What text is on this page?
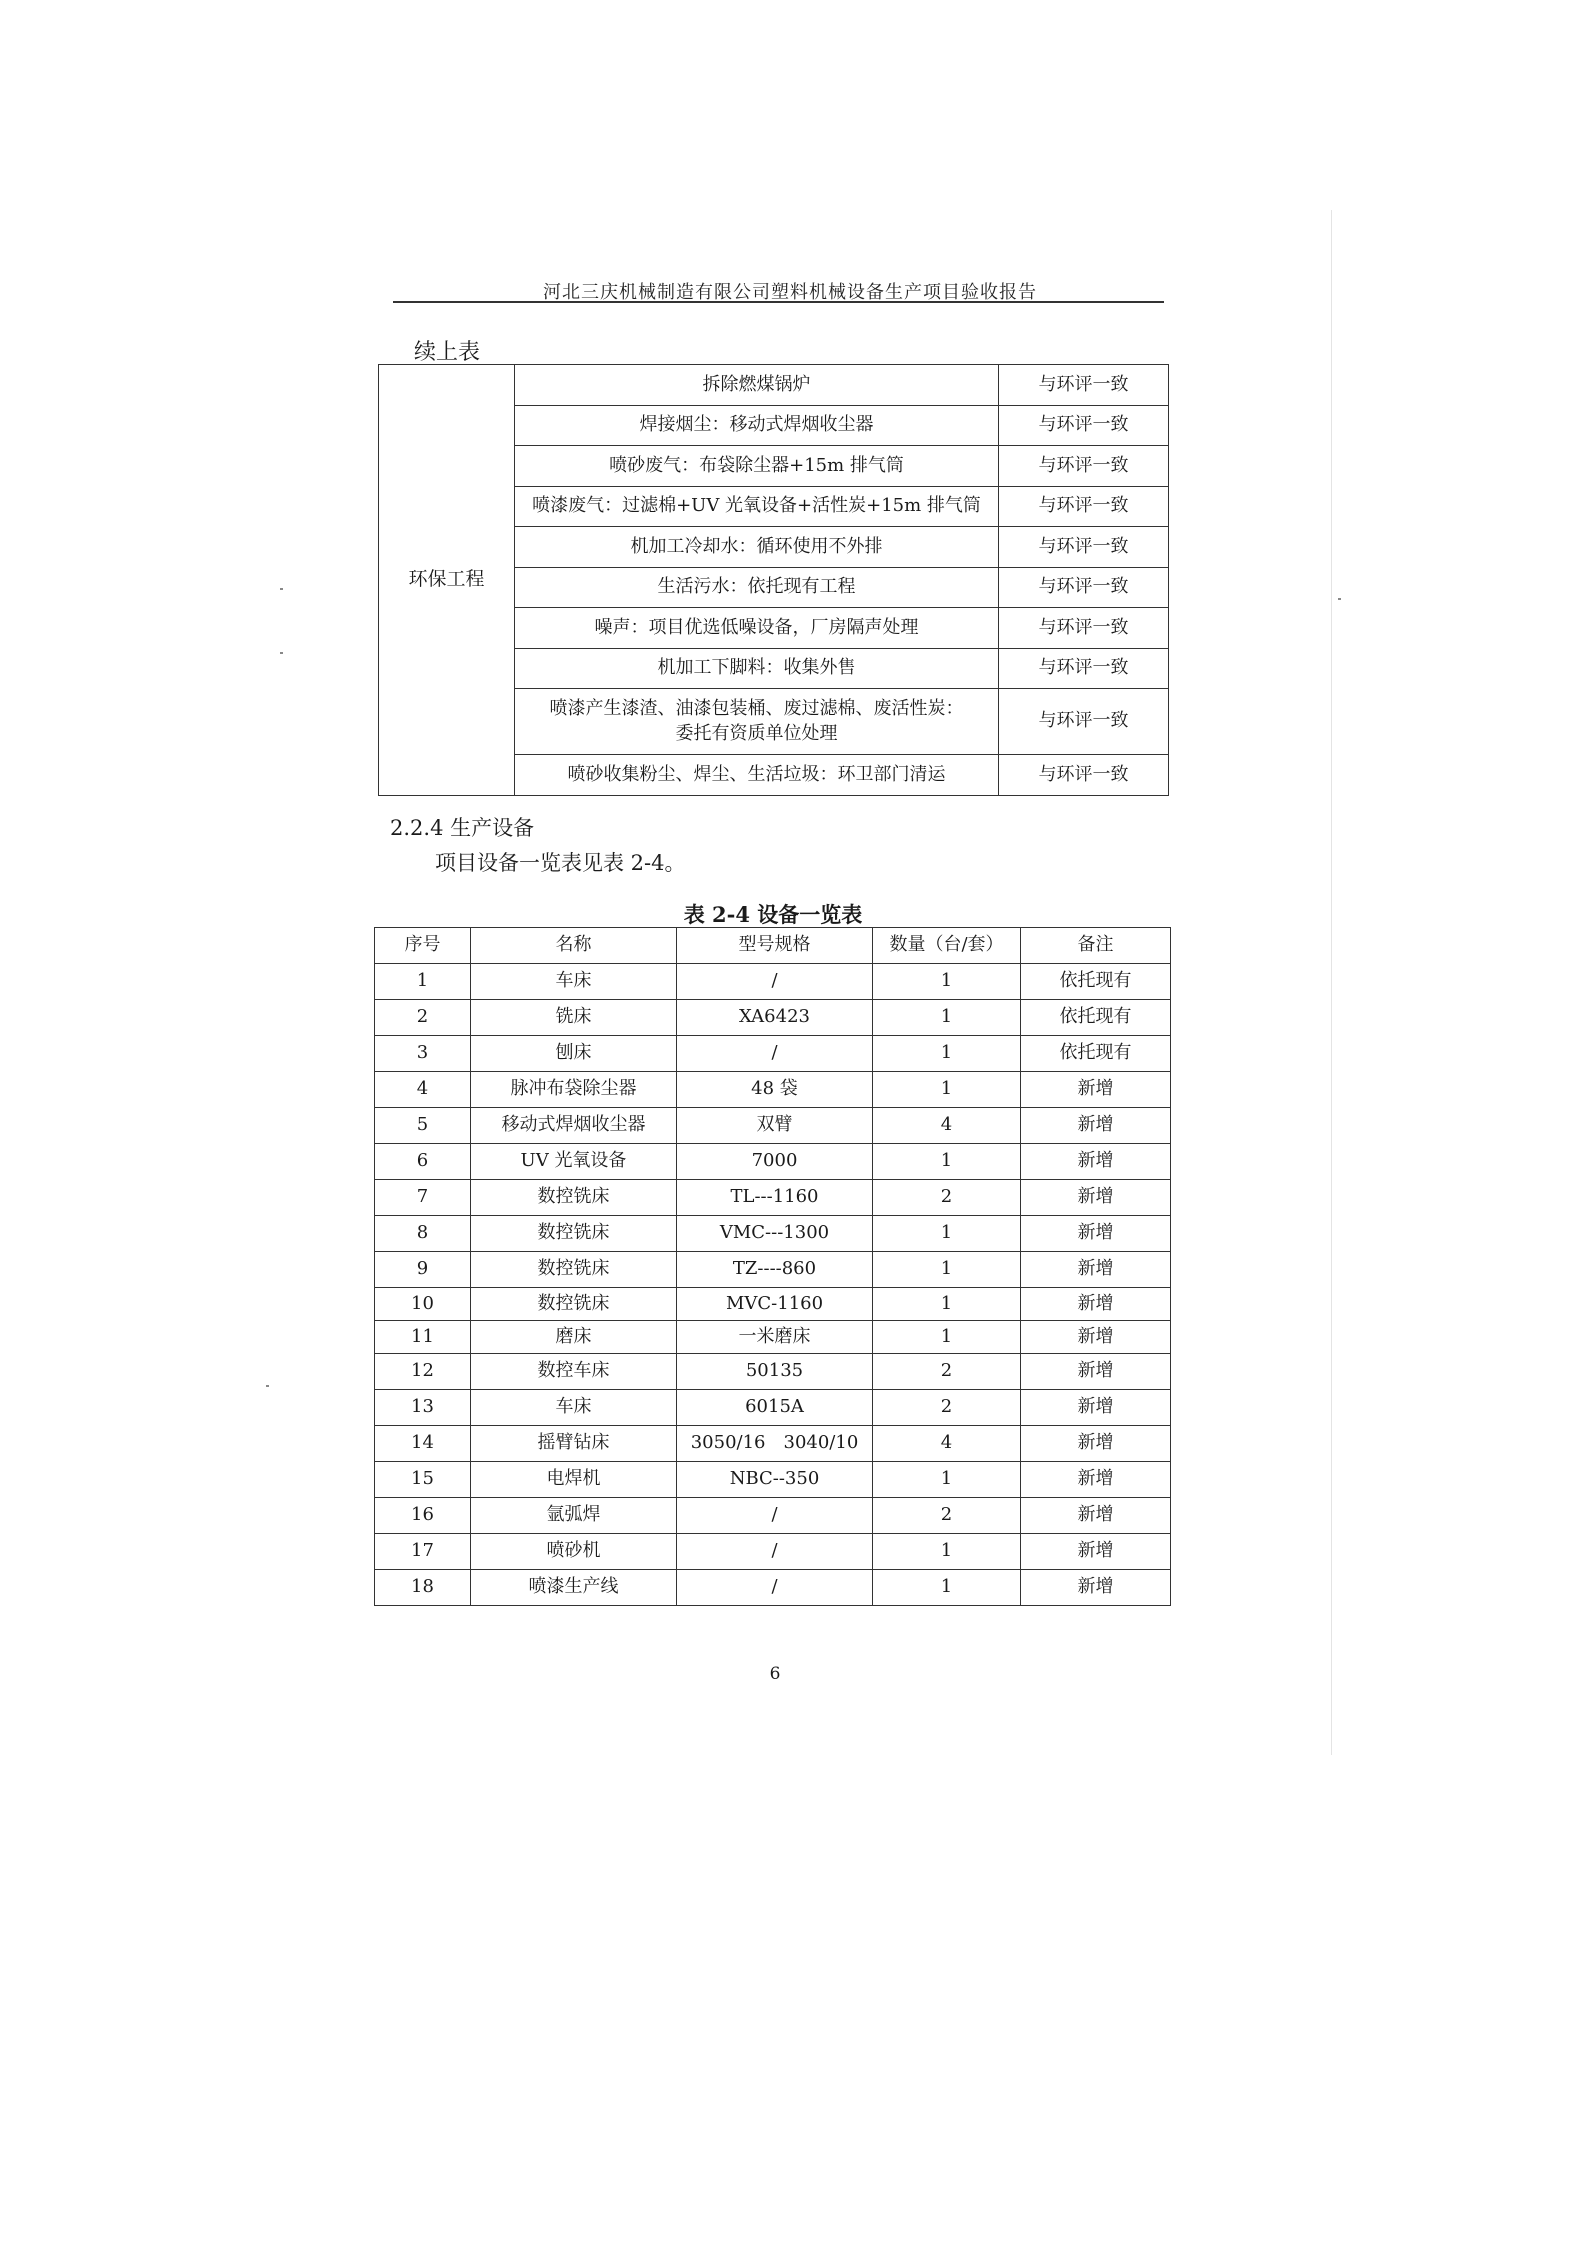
河北三庆机械制造有限公司塑料机械设备生产项目验收报告
续上表
环保工程	拆除燃煤锅炉	与环评一致
	焊接烟尘：移动式焊烟收尘器	与环评一致
	喷砂废气：布袋除尘器+15m 排气筒	与环评一致
	喷漆废气：过滤棉+UV 光氧设备+活性炭+15m 排气筒	与环评一致
	机加工冷却水：循环使用不外排	与环评一致
	生活污水：依托现有工程	与环评一致
	噪声：项目优选低噪设备，厂房隔声处理	与环评一致
	机加工下脚料：收集外售	与环评一致

	喷漆产生漆渣、油漆包装桶、废过滤棉、废活性炭：
委托有资质单位处理	与环评一致
	喷砂收集粉尘、焊尘、生活垃圾：环卫部门清运	与环评一致
2.2.4 生产设备
项目设备一览表见表 2-4。
表 2-4 设备一览表
序号	名称	型号规格	数量（台/套）	备注
1	车床	/	1	依托现有
2	铣床	XA6423	1	依托现有
3	刨床	/	1	依托现有
4	脉冲布袋除尘器	48 袋	1	新增
5	移动式焊烟收尘器	双臂	4	新增
6	UV 光氧设备	7000	1	新增
7	数控铣床	TL---1160	2	新增
8	数控铣床	VMC---1300	1	新增
9	数控铣床	TZ----860	1	新增
10	数控铣床	MVC-1160	1	新增
11	磨床	一米磨床	1	新增
12	数控车床	50135	2	新增
13	车床	6015A	2	新增
14	摇臂钻床	3050/16　3040/10	4	新增
15	电焊机	NBC--350	1	新增
16	氩弧焊	/	2	新增
17	喷砂机	/	1	新增
18	喷漆生产线	/	1	新增
6
